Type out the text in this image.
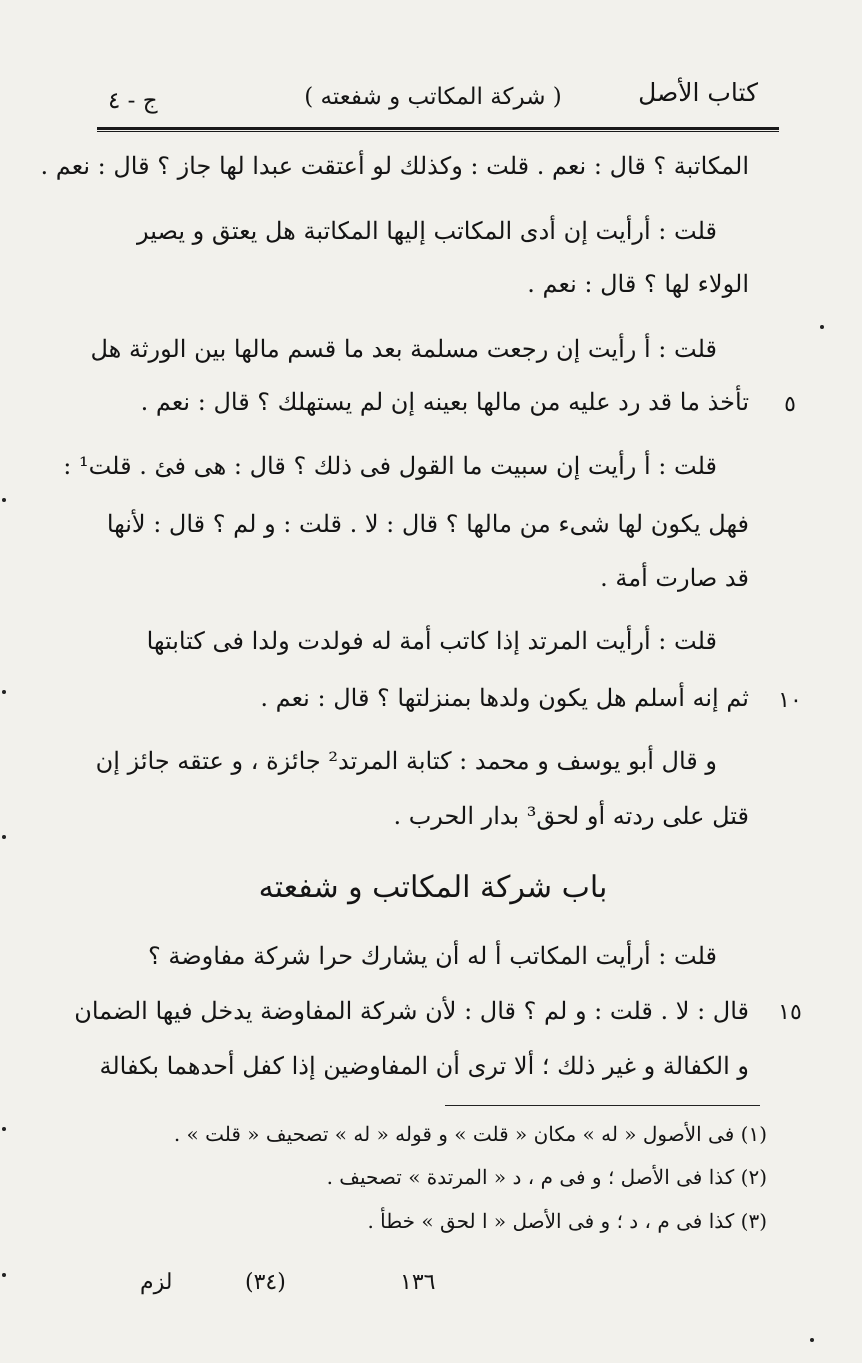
كتاب الأصل
( شركة المكاتب و شفعته )
ج - ٤
المكاتبة ؟ قال : نعم . قلت : وكذلك لو أعتقت عبدا لها جاز ؟ قال : نعم .
قلت : أرأيت إن أدى المكاتب إليها المكاتبة هل يعتق و يصير
الولاء لها ؟ قال : نعم .
قلت : أ رأيت إن رجعت مسلمة بعد ما قسم مالها بين الورثة هل
٥
تأخذ ما قد رد عليه من مالها بعينه إن لم يستهلك ؟ قال : نعم .
قلت : أ رأيت إن سبيت ما القول فى ذلك ؟ قال : هى فئ . قلت¹ :
فهل يكون لها شىء من مالها ؟ قال : لا . قلت : و لم ؟ قال : لأنها
قد صارت أمة .
قلت : أرأيت المرتد إذا كاتب أمة له فولدت ولدا فى كتابتها
١٠
ثم إنه أسلم هل يكون ولدها بمنزلتها ؟ قال : نعم .
و قال أبو يوسف و محمد : كتابة المرتد² جائزة ، و عتقه جائز إن
قتل على ردته أو لحق³ بدار الحرب .
باب شركة المكاتب و شفعته
قلت : أرأيت المكاتب أ له أن يشارك حرا شركة مفاوضة ؟
١٥
قال : لا . قلت : و لم ؟ قال : لأن شركة المفاوضة يدخل فيها الضمان
و الكفالة و غير ذلك ؛ ألا ترى أن المفاوضين إذا كفل أحدهما بكفالة
(١) فى الأصول « له » مكان « قلت » و قوله « له » تصحيف « قلت » .
(٢) كذا فى الأصل ؛ و فى م ، د « المرتدة » تصحيف .
(٣) كذا فى م ، د ؛ و فى الأصل « ا لحق » خطأ .
١٣٦
(٣٤)
لزم
